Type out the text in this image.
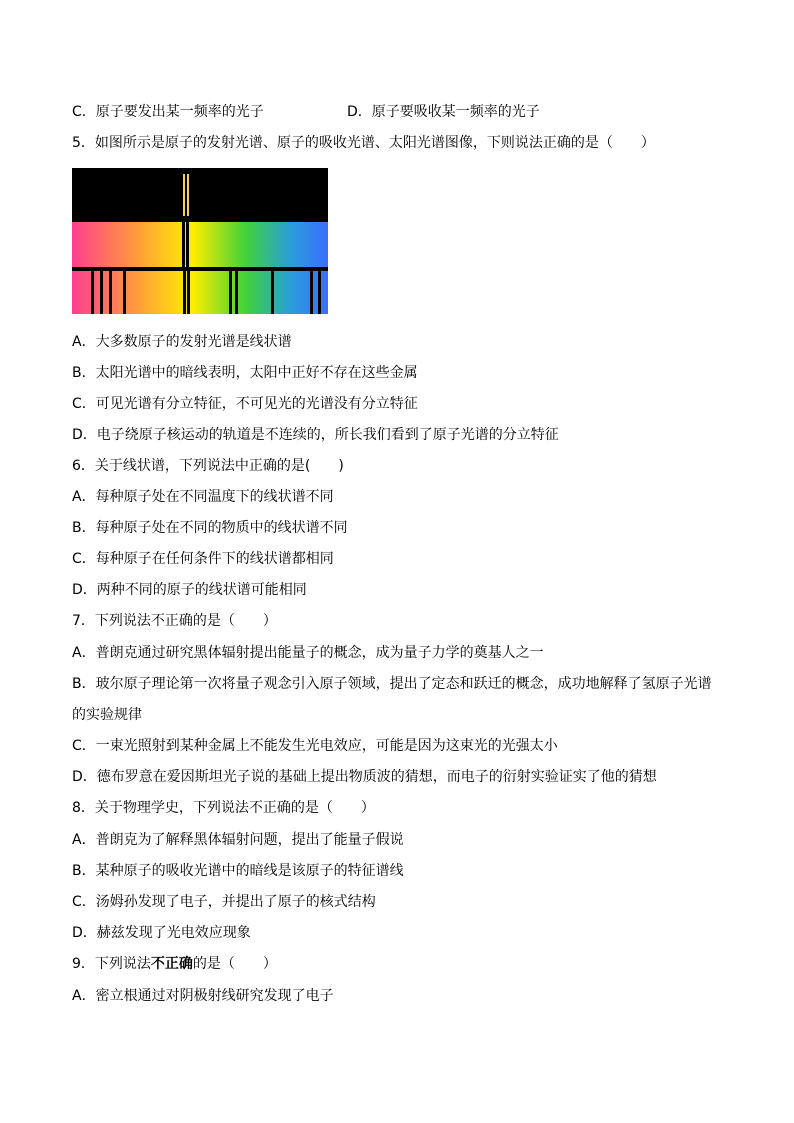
C．原子要发出某一频率的光子	D．原子要吸收某一频率的光子
5．如图所示是原子的发射光谱、原子的吸收光谱、太阳光谱图像，下则说法正确的是（　　）
A．大多数原子的发射光谱是线状谱
B．太阳光谱中的暗线表明，太阳中正好不存在这些金属
C．可见光谱有分立特征，不可见光的光谱没有分立特征
D．电子绕原子核运动的轨道是不连续的，所长我们看到了原子光谱的分立特征
6．关于线状谱，下列说法中正确的是(　　)
A．每种原子处在不同温度下的线状谱不同
B．每种原子处在不同的物质中的线状谱不同
C．每种原子在任何条件下的线状谱都相同
D．两种不同的原子的线状谱可能相同
7．下列说法不正确的是（　　）
A．普朗克通过研究黑体辐射提出能量子的概念，成为量子力学的奠基人之一
B．玻尔原子理论第一次将量子观念引入原子领域，提出了定态和跃迁的概念，成功地解释了氢原子光谱
的实验规律
C．一束光照射到某种金属上不能发生光电效应，可能是因为这束光的光强太小
D．德布罗意在爱因斯坦光子说的基础上提出物质波的猜想，而电子的衍射实验证实了他的猜想
8．关于物理学史，下列说法不正确的是（　　）
A．普朗克为了解释黑体辐射问题，提出了能量子假说
B．某种原子的吸收光谱中的暗线是该原子的特征谱线
C．汤姆孙发现了电子，并提出了原子的核式结构
D．赫兹发现了光电效应现象
9．下列说法不正确的是（　　）
A．密立根通过对阴极射线研究发现了电子
